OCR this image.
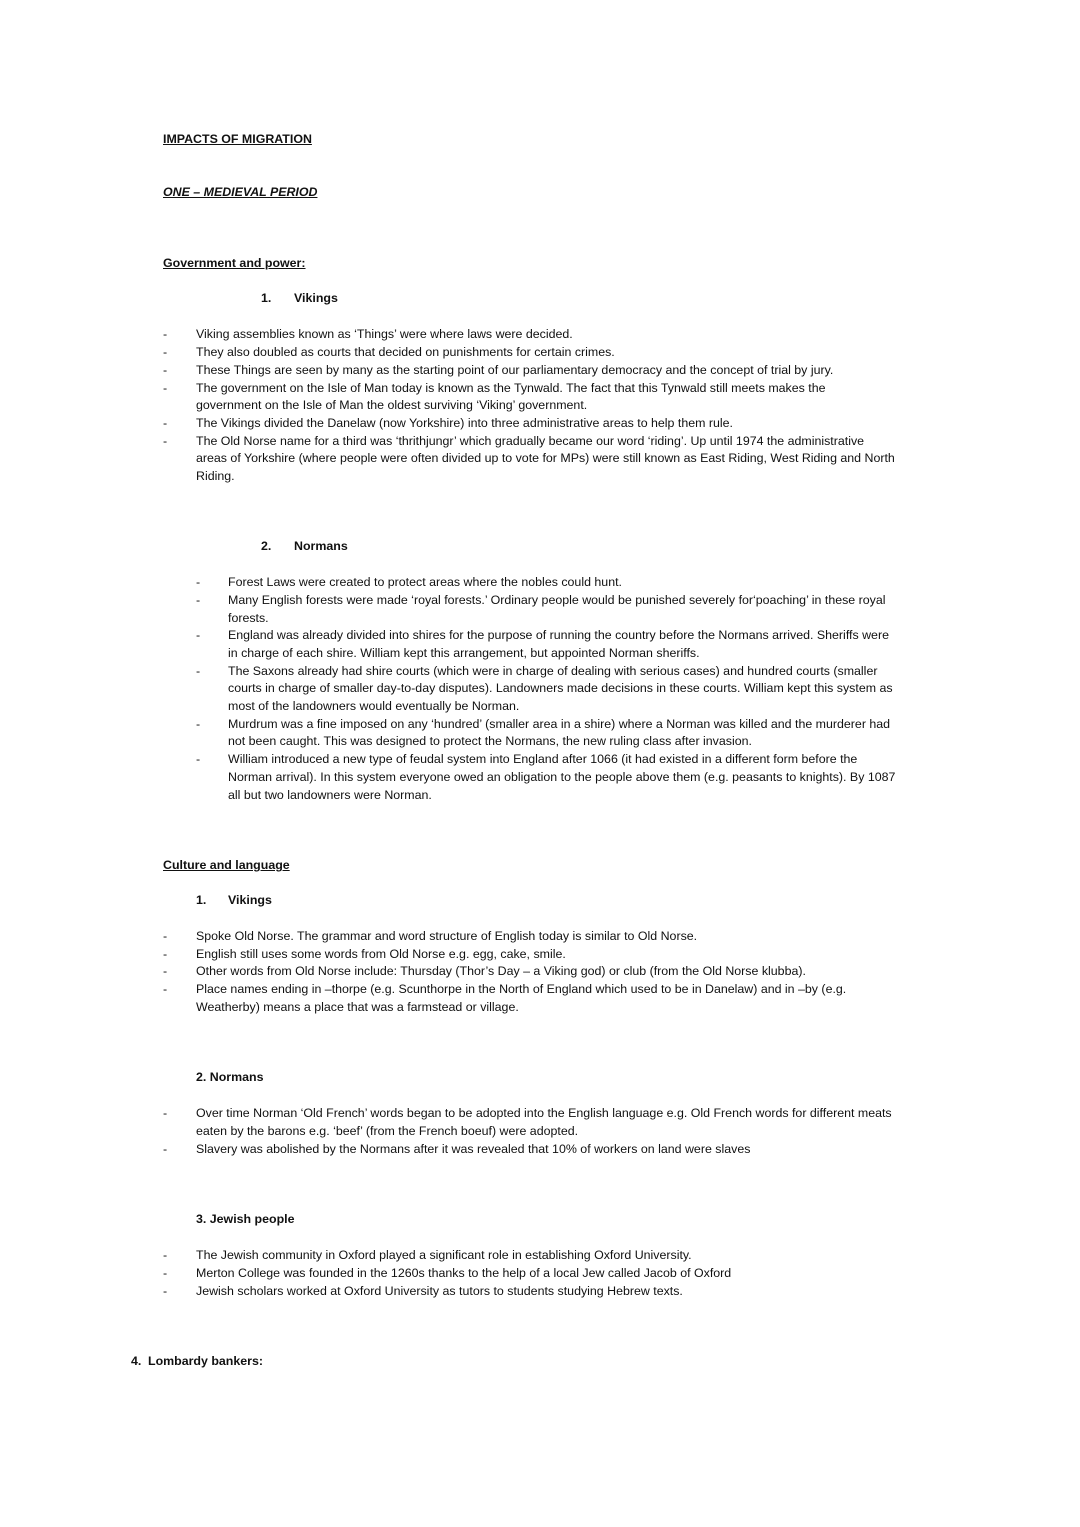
IMPACTS OF MIGRATION
ONE – MEDIEVAL PERIOD
Government and power:
1. Vikings
-	Viking assemblies known as ‘Things’ were where laws were decided.
-	They also doubled as courts that decided on punishments for certain crimes.
-	These Things are seen by many as the starting point of our parliamentary democracy and the concept of trial by jury.
-	The government on the Isle of Man today is known as the Tynwald. The fact that this Tynwald still meets makes the
government on the Isle of Man the oldest surviving ‘Viking’ government.
-	The Vikings divided the Danelaw (now Yorkshire) into three administrative areas to help them rule.
-	The Old Norse name for a third was ‘thrithjungr’ which gradually became our word ‘riding’. Up until 1974 the administrative
areas of Yorkshire (where people were often divided up to vote for MPs) were still known as East Riding, West Riding and North
Riding.
2. Normans
-	Forest Laws were created to protect areas where the nobles could hunt.
-	Many English forests were made ‘royal forests.’ Ordinary people would be punished severely for‘poaching’ in these royal
forests.
-	England was already divided into shires for the purpose of running the country before the Normans arrived. Sheriffs were
in charge of each shire. William kept this arrangement, but appointed Norman sheriffs.
-	The Saxons already had shire courts (which were in charge of dealing with serious cases) and hundred courts (smaller
courts in charge of smaller day-to-day disputes). Landowners made decisions in these courts. William kept this system as
most of the landowners would eventually be Norman.
-	Murdrum was a fine imposed on any ‘hundred’ (smaller area in a shire) where a Norman was killed and the murderer had
not been caught. This was designed to protect the Normans, the new ruling class after invasion.
-	William introduced a new type of feudal system into England after 1066 (it had existed in a different form before the
Norman arrival). In this system everyone owed an obligation to the people above them (e.g. peasants to knights). By 1087
all but two landowners were Norman.
Culture and language
1. Vikings
-	Spoke Old Norse. The grammar and word structure of English today is similar to Old Norse.
-	English still uses some words from Old Norse e.g. egg, cake, smile.
-	Other words from Old Norse include: Thursday (Thor’s Day – a Viking god) or club (from the Old Norse klubba).
-	Place names ending in –thorpe (e.g. Scunthorpe in the North of England which used to be in Danelaw) and in –by (e.g.
Weatherby) means a place that was a farmstead or village.
2. Normans
-	Over time Norman ‘Old French’ words began to be adopted into the English language e.g. Old French words for different meats
eaten by the barons e.g. ‘beef’ (from the French boeuf) were adopted.
-	Slavery was abolished by the Normans after it was revealed that 10% of workers on land were slaves
3. Jewish people
-	The Jewish community in Oxford played a significant role in establishing Oxford University.
-	Merton College was founded in the 1260s thanks to the help of a local Jew called Jacob of Oxford
-	Jewish scholars worked at Oxford University as tutors to students studying Hebrew texts.
4. Lombardy bankers:
